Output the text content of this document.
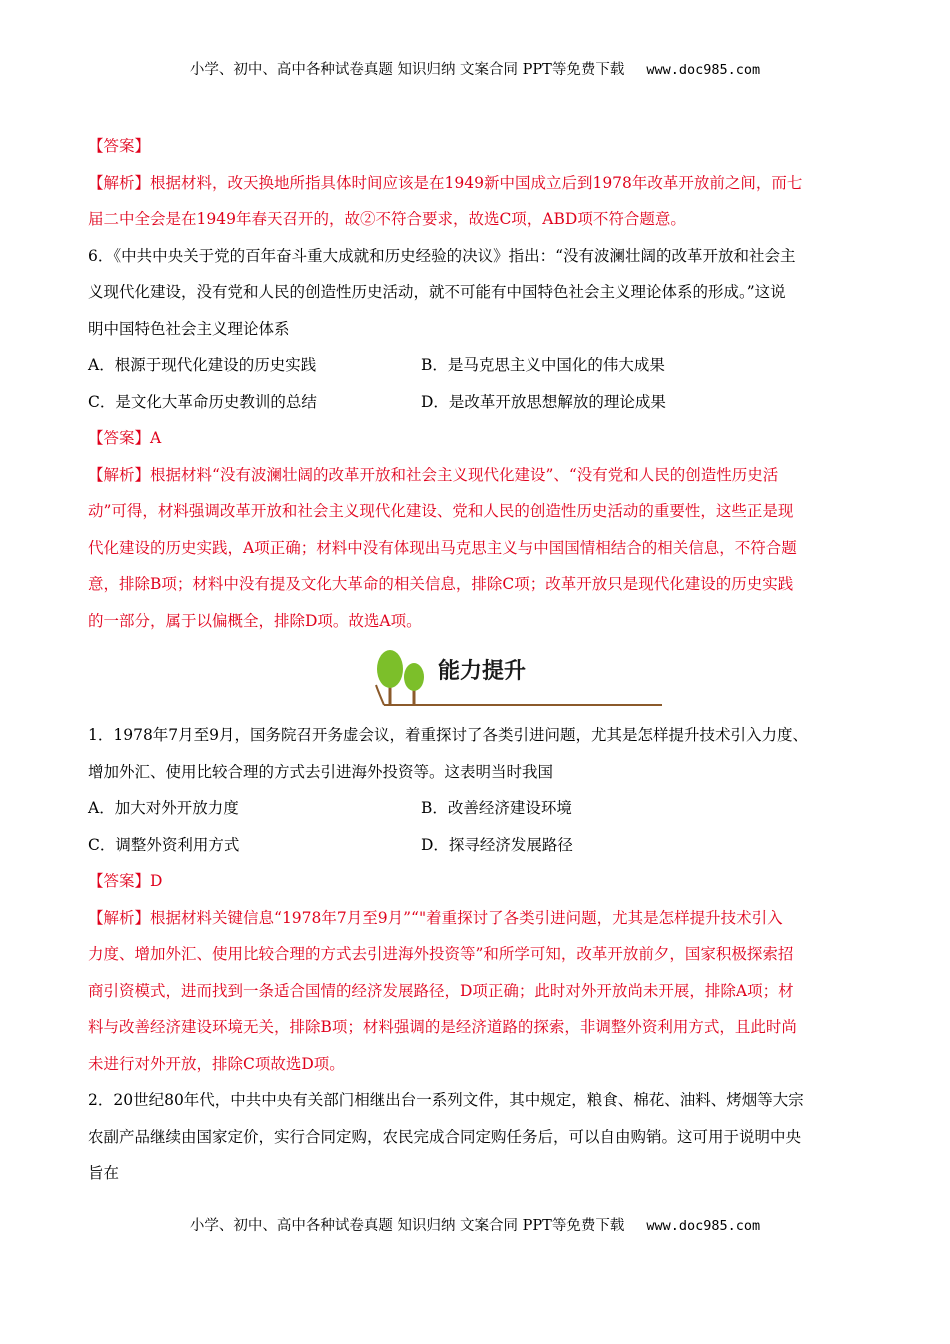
小学、初中、高中各种试卷真题 知识归纳 文案合同 PPT等免费下载 www.doc985.com

【答案】

【解析】根据材料，改天换地所指具体时间应该是在1949新中国成立后到1978年改革开放前之间，而七

届二中全会是在1949年春天召开的，故②不符合要求，故选C项，ABD项不符合题意。

6．《中共中央关于党的百年奋斗重大成就和历史经验的决议》指出：“没有波澜壮阔的改革开放和社会主

义现代化建设，没有党和人民的创造性历史活动，就不可能有中国特色社会主义理论体系的形成。”这说

明中国特色社会主义理论体系

A．根源于现代化建设的历史实践	B．是马克思主义中国化的伟大成果
C．是文化大革命历史教训的总结	D．是改革开放思想解放的理论成果

【答案】A

【解析】根据材料“没有波澜壮阔的改革开放和社会主义现代化建设”、“没有党和人民的创造性历史活

动”可得，材料强调改革开放和社会主义现代化建设、党和人民的创造性历史活动的重要性，这些正是现

代化建设的历史实践，A项正确；材料中没有体现出马克思主义与中国国情相结合的相关信息，不符合题

意，排除B项；材料中没有提及文化大革命的相关信息，排除C项；改革开放只是现代化建设的历史实践

的一部分，属于以偏概全，排除D项。故选A项。

能力提升

1．1978年7月至9月，国务院召开务虚会议，着重探讨了各类引进问题，尤其是怎样提升技术引入力度、

增加外汇、使用比较合理的方式去引进海外投资等。这表明当时我国

A．加大对外开放力度	B．改善经济建设环境
C．调整外资利用方式	D．探寻经济发展路径

【答案】D

【解析】根据材料关键信息“1978年7月至9月”“"着重探讨了各类引进问题，尤其是怎样提升技术引入

力度、增加外汇、使用比较合理的方式去引进海外投资等”和所学可知，改革开放前夕，国家积极探索招

商引资模式，进而找到一条适合国情的经济发展路径，D项正确；此时对外开放尚未开展，排除A项；材

料与改善经济建设环境无关，排除B项；材料强调的是经济道路的探索，非调整外资利用方式，且此时尚

未进行对外开放，排除C项故选D项。

2．20世纪80年代，中共中央有关部门相继出台一系列文件，其中规定，粮食、棉花、油料、烤烟等大宗

农副产品继续由国家定价，实行合同定购，农民完成合同定购任务后，可以自由购销。这可用于说明中央

旨在

小学、初中、高中各种试卷真题 知识归纳 文案合同 PPT等免费下载 www.doc985.com
